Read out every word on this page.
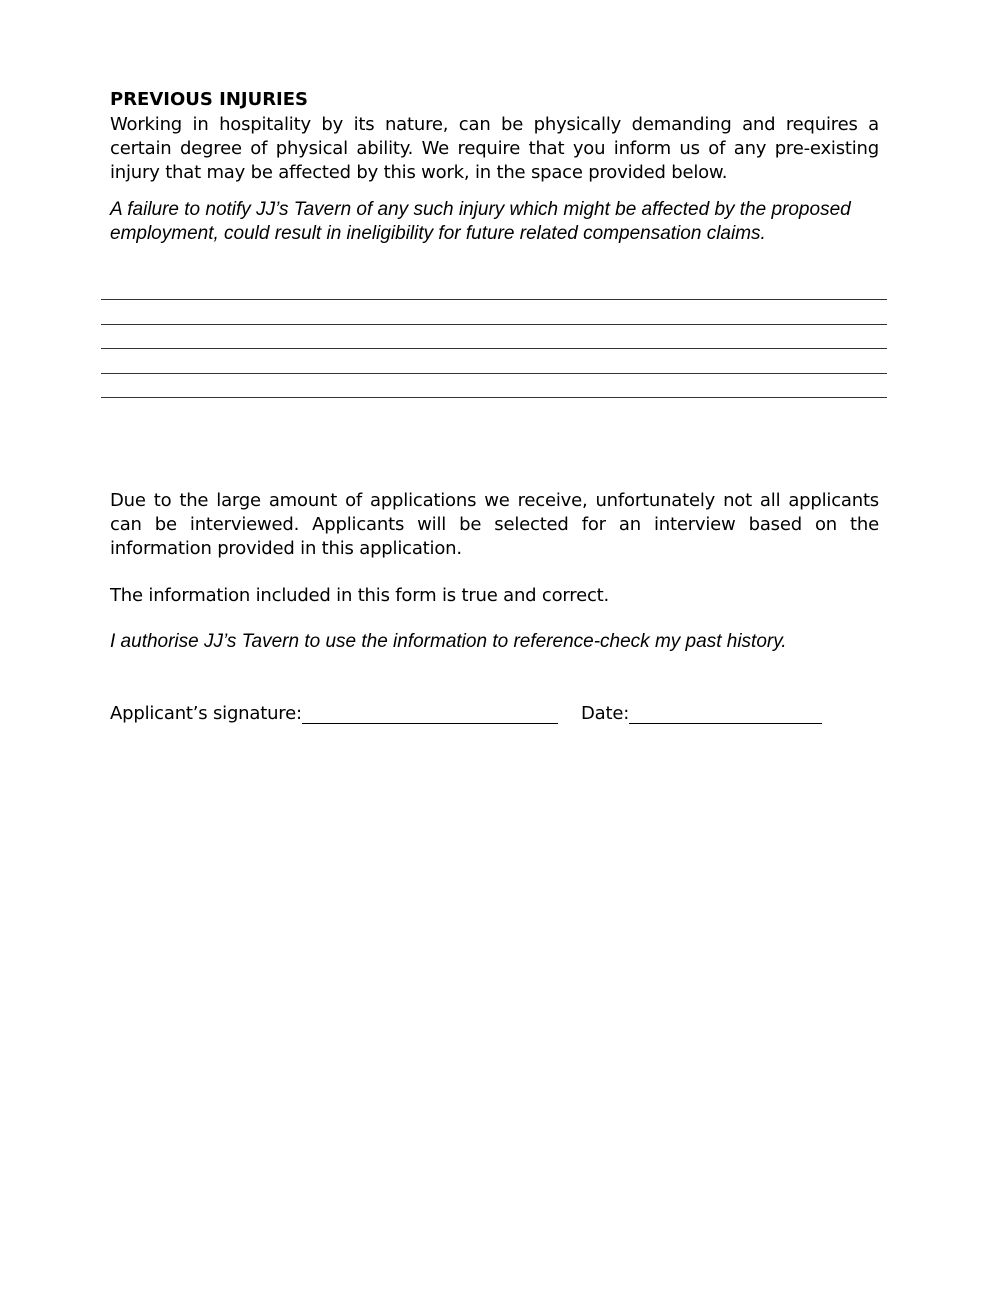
PREVIOUS INJURIES

Working in hospitality by its nature, can be physically demanding and requires a certain degree of physical ability. We require that you inform us of any pre-existing injury that may be affected by this work, in the space provided below.

A failure to notify JJ’s Tavern of any such injury which might be affected by the proposed employment, could result in ineligibility for future related compensation claims.

Due to the large amount of applications we receive, unfortunately not all applicants can be interviewed. Applicants will be selected for an interview based on the information provided in this application.

The information included in this form is true and correct.

I authorise JJ’s Tavern to use the information to reference-check my past history.

Applicant’s signature:	Date:
